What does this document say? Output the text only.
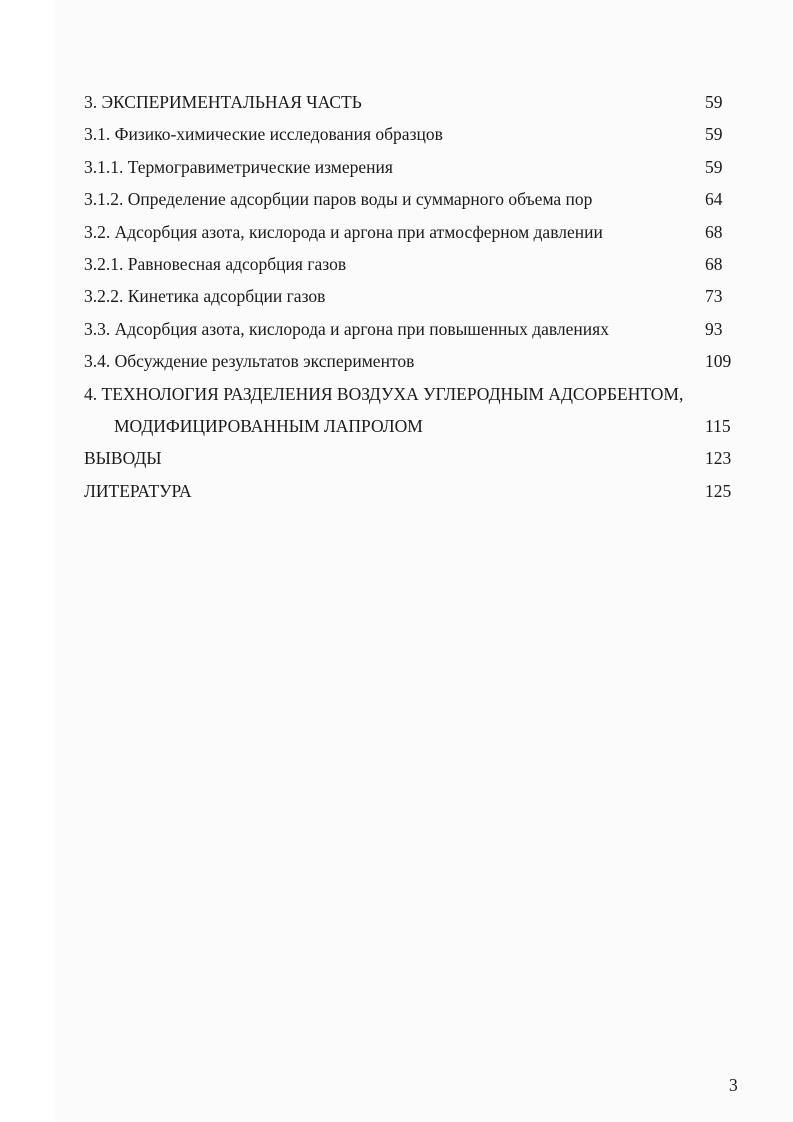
3. ЭКСПЕРИМЕНТАЛЬНАЯ ЧАСТЬ	59
3.1. Физико-химические исследования образцов	59
3.1.1. Термогравиметрические измерения	59
3.1.2. Определение адсорбции паров воды и суммарного объема пор	64
3.2. Адсорбция азота, кислорода и аргона при атмосферном давлении	68
3.2.1. Равновесная адсорбция газов	68
3.2.2. Кинетика адсорбции газов	73
3.3. Адсорбция азота, кислорода и аргона при повышенных давлениях	93
3.4. Обсуждение результатов экспериментов	109
4. ТЕХНОЛОГИЯ РАЗДЕЛЕНИЯ ВОЗДУХА УГЛЕРОДНЫМ АДСОРБЕНТОМ,
МОДИФИЦИРОВАННЫМ ЛАПРОЛОМ	115
ВЫВОДЫ	123
ЛИТЕРАТУРА	125
3
